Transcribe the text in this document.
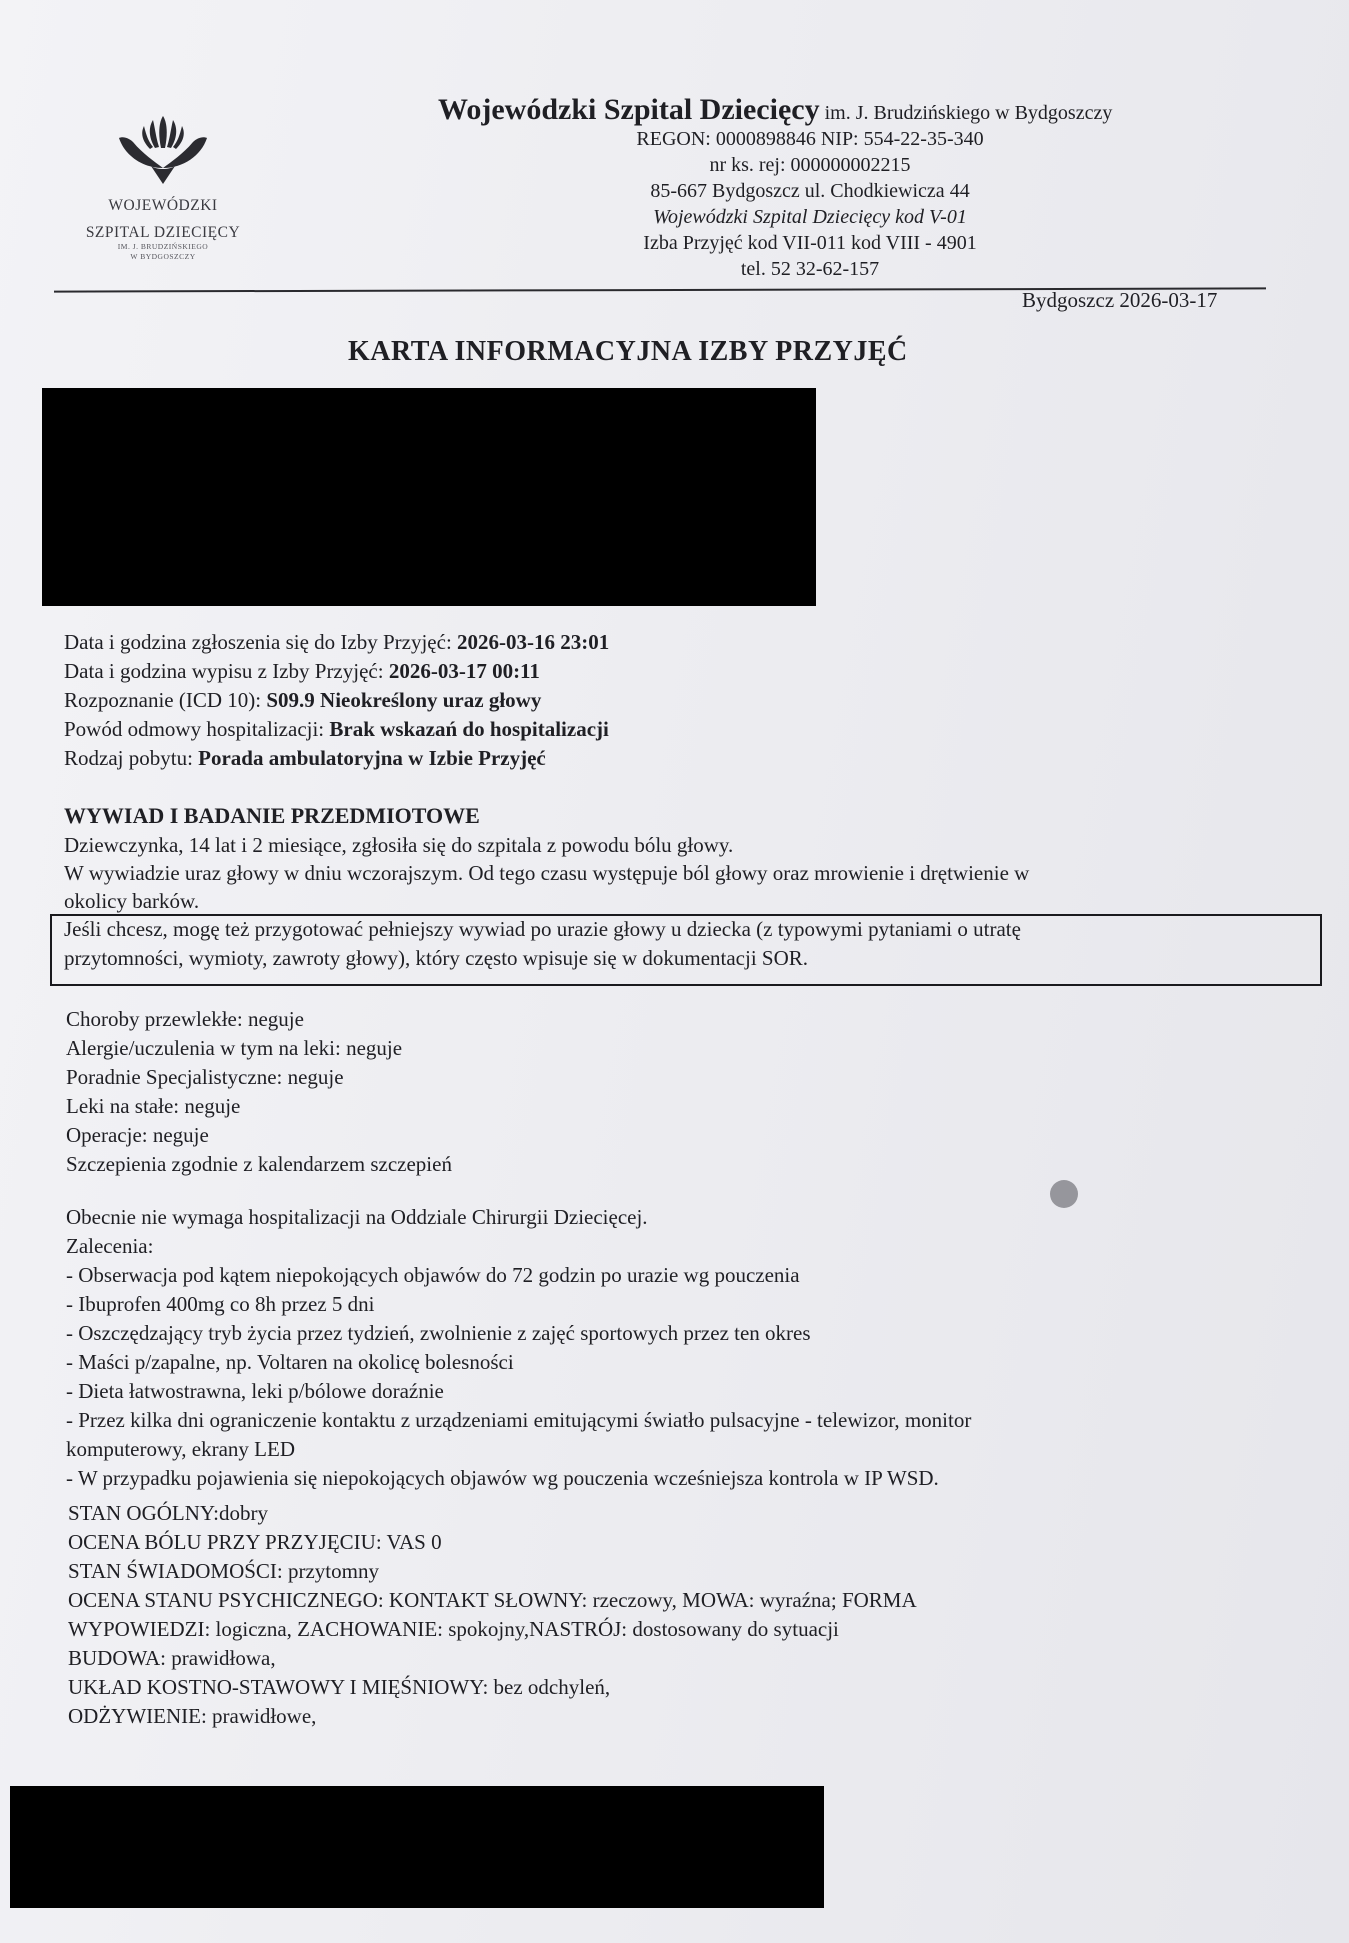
WOJEWÓDZKI
SZPITAL DZIECIĘCY
IM. J. BRUDZIŃSKIEGO
W BYDGOSZCZY
Wojewódzki Szpital Dziecięcy im. J. Brudzińskiego w Bydgoszczy
REGON: 0000898846 NIP: 554-22-35-340
nr ks. rej: 000000002215
85-667 Bydgoszcz ul. Chodkiewicza 44
Wojewódzki Szpital Dziecięcy kod V-01
Izba Przyjęć kod VII-011 kod VIII - 4901
tel. 52 32-62-157
Bydgoszcz 2026-03-17
KARTA INFORMACYJNA IZBY PRZYJĘĆ
Data i godzina zgłoszenia się do Izby Przyjęć: 2026-03-16 23:01
Data i godzina wypisu z Izby Przyjęć: 2026-03-17 00:11
Rozpoznanie (ICD 10): S09.9 Nieokreślony uraz głowy
Powód odmowy hospitalizacji: Brak wskazań do hospitalizacji
Rodzaj pobytu: Porada ambulatoryjna w Izbie Przyjęć
WYWIAD I BADANIE PRZEDMIOTOWE
Dziewczynka, 14 lat i 2 miesiące, zgłosiła się do szpitala z powodu bólu głowy.
W wywiadzie uraz głowy w dniu wczorajszym. Od tego czasu występuje ból głowy oraz mrowienie i drętwienie w
okolicy barków.
Jeśli chcesz, mogę też przygotować pełniejszy wywiad po urazie głowy u dziecka (z typowymi pytaniami o utratę
przytomności, wymioty, zawroty głowy), który często wpisuje się w dokumentacji SOR.
Choroby przewlekłe: neguje
Alergie/uczulenia w tym na leki: neguje
Poradnie Specjalistyczne: neguje
Leki na stałe: neguje
Operacje: neguje
Szczepienia zgodnie z kalendarzem szczepień
Obecnie nie wymaga hospitalizacji na Oddziale Chirurgii Dziecięcej.
Zalecenia:
- Obserwacja pod kątem niepokojących objawów do 72 godzin po urazie wg pouczenia
- Ibuprofen 400mg co 8h przez 5 dni
- Oszczędzający tryb życia przez tydzień, zwolnienie z zajęć sportowych przez ten okres
- Maści p/zapalne, np. Voltaren na okolicę bolesności
- Dieta łatwostrawna, leki p/bólowe doraźnie
- Przez kilka dni ograniczenie kontaktu z urządzeniami emitującymi światło pulsacyjne - telewizor, monitor
komputerowy, ekrany LED
- W przypadku pojawienia się niepokojących objawów wg pouczenia wcześniejsza kontrola w IP WSD.
STAN OGÓLNY:dobry
OCENA BÓLU PRZY PRZYJĘCIU: VAS 0
STAN ŚWIADOMOŚCI: przytomny
OCENA STANU PSYCHICZNEGO: KONTAKT SŁOWNY: rzeczowy, MOWA: wyraźna; FORMA
WYPOWIEDZI: logiczna, ZACHOWANIE: spokojny,NASTRÓJ: dostosowany do sytuacji
BUDOWA: prawidłowa,
UKŁAD KOSTNO-STAWOWY I MIĘŚNIOWY: bez odchyleń,
ODŻYWIENIE: prawidłowe,
